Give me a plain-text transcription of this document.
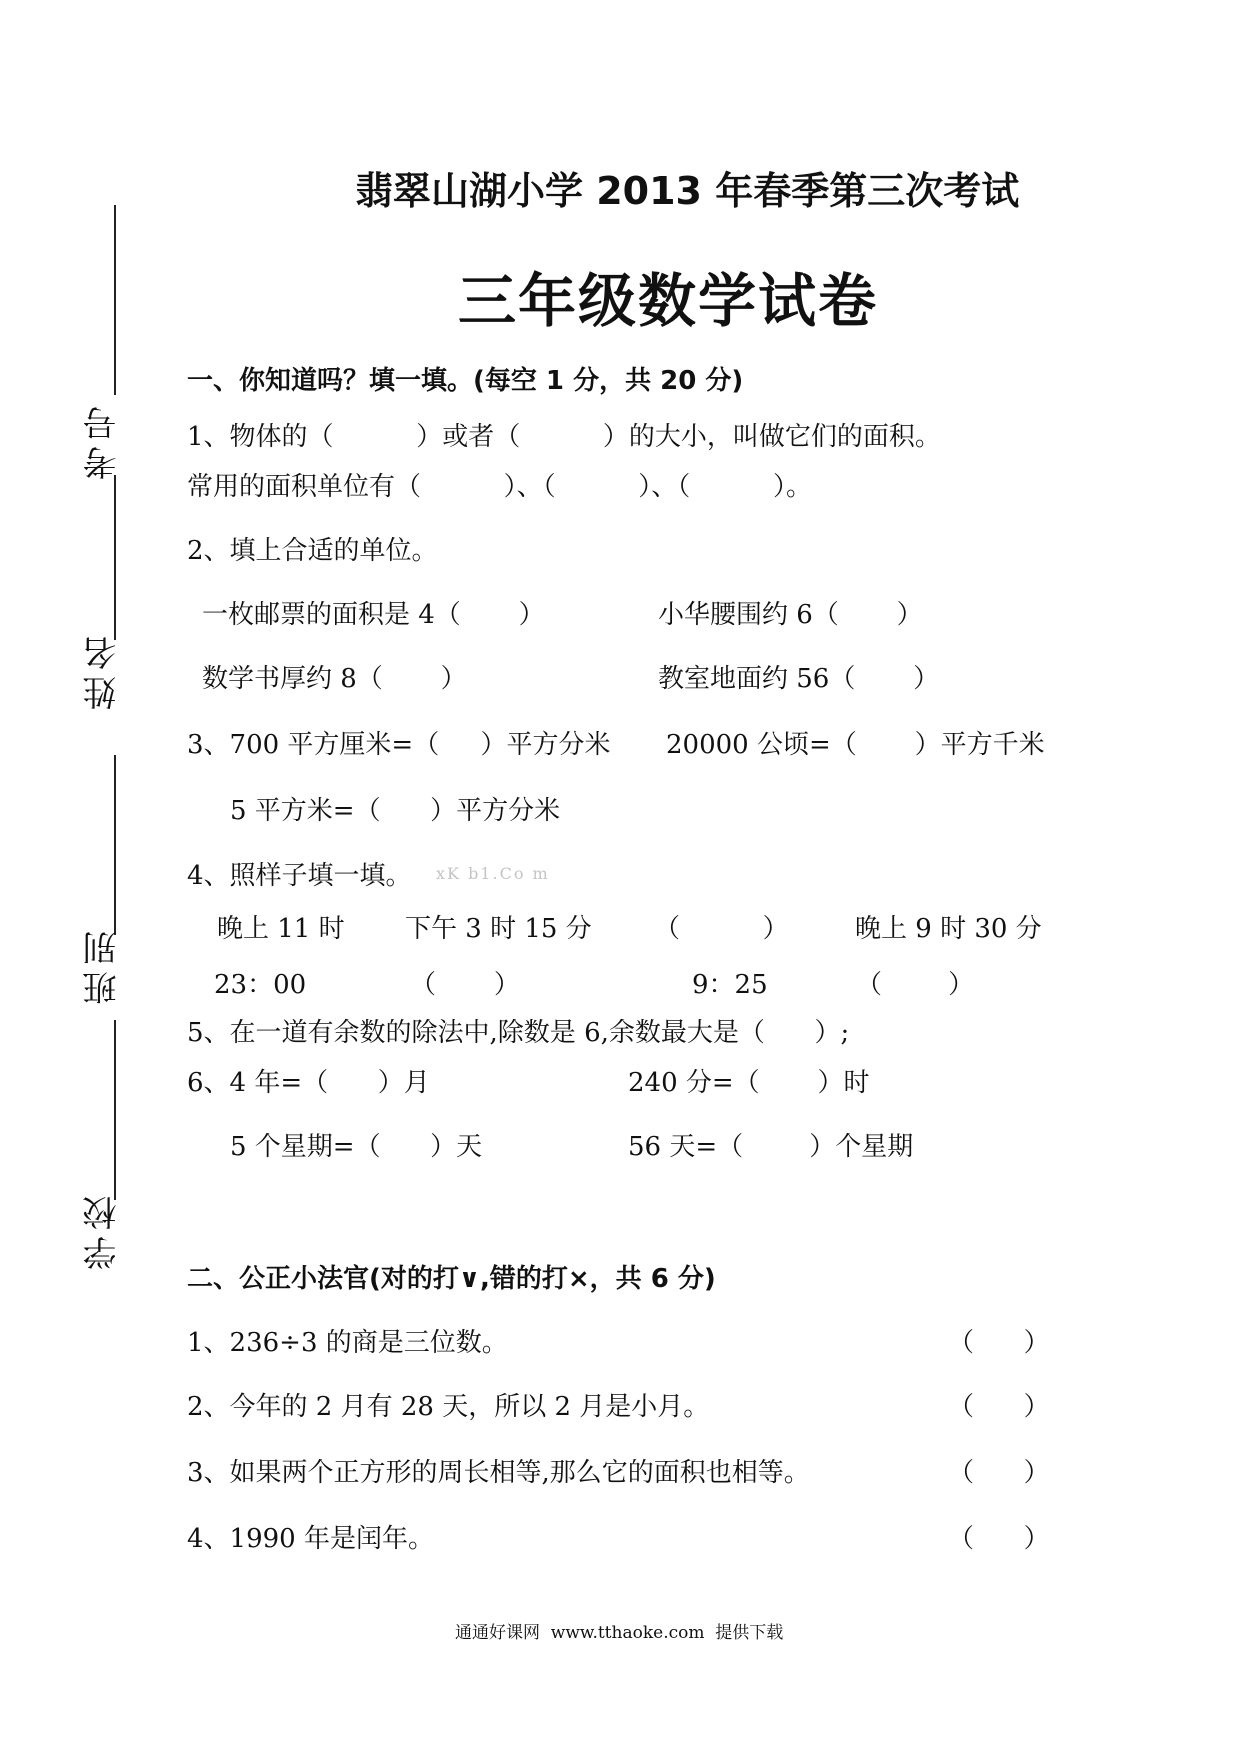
考号
姓名
班别
学校
翡翠山湖小学 2013 年春季第三次考试
三年级数学试卷
一、你知道吗？填一填。(每空 1 分，共 20 分)
1、物体的（          ）或者（          ）的大小，叫做它们的面积。
常用的面积单位有（          ）、（          ）、（          ）。
2、填上合适的单位。
一枚邮票的面积是 4（       ）	小华腰围约 6（       ）
数学书厚约 8（       ）	教室地面约 56（       ）
3、700 平方厘米=（     ）平方分米 20000 公顷=（       ）平方千米
5 平方米=（      ）平方分米
4、照样子填一填。 xK b1.Co m
晚上 11 时 下午 3 时 15 分 （          ）	晚上 9 时 30 分
23：00	（       ）	9：25	（        ）
5、在一道有余数的除法中,除数是 6,余数最大是（      ）;
6、4 年=（      ）月	240 分=（       ）时
5 个星期=（      ）天	56 天=（        ）个星期
二、公正小法官(对的打∨,错的打×，共 6 分)
1、236÷3 的商是三位数。	（      ）
2、今年的 2 月有 28 天，所以 2 月是小月。	（      ）
3、如果两个正方形的周长相等,那么它的面积也相等。	（      ）
4、1990 年是闰年。	（      ）
通通好课网  www.tthaoke.com  提供下载
